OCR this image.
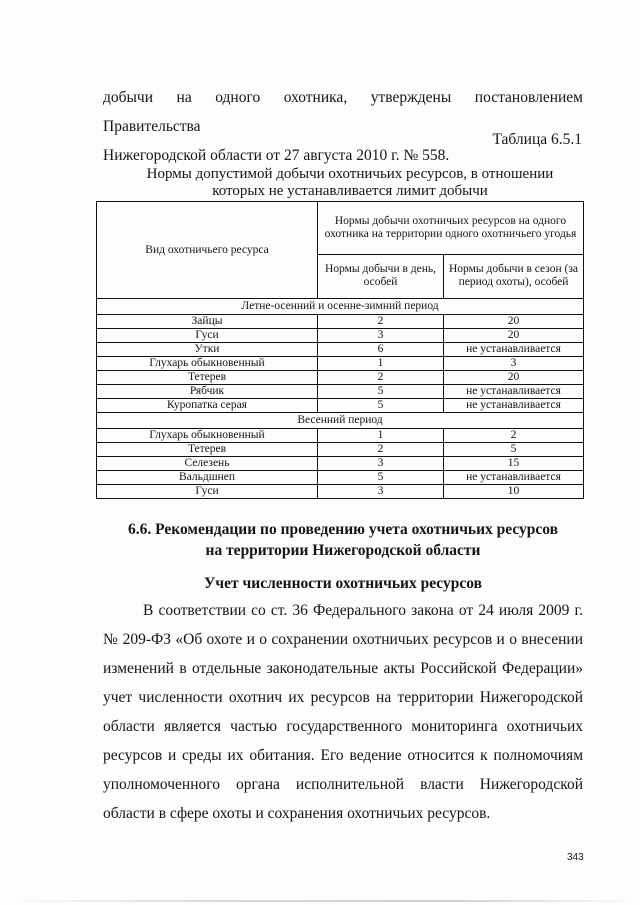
добычи на одного охотника, утверждены постановлением Правительства
Нижегородской области от 27 августа 2010 г. № 558.
Таблица 6.5.1
Нормы допустимой добычи охотничьих ресурсов, в отношении которых не устанавливается лимит добычи
Вид охотничьего ресурса	Нормы добычи охотничьих ресурсов на одного охотника на территории одного охотничьего угодья	
	Нормы добычи в день, особей	Нормы добычи в сезон (за период охоты), особей
Летне-осенний и осенне-зимний период		
Зайцы	2	20
Гуси	3	20
Утки	6	не устанавливается
Глухарь обыкновенный	1	3
Тетерев	2	20
Рябчик	5	не устанавливается
Куропатка серая	5	не устанавливается
Весенний период		
Глухарь обыкновенный	1	2
Тетерев	2	5
Селезень	3	15
Вальдшнеп	5	не устанавливается
Гуси	3	10
6.6. Рекомендации по проведению учета охотничьих ресурсов
на территории Нижегородской области
Учет численности охотничьих ресурсов
В соответствии со ст. 36 Федерального закона от 24 июля 2009 г. № 209-ФЗ «Об охоте и о сохранении охотничьих ресурсов и о внесении изменений в отдельные законодательные акты Российской Федерации» учет численности охотнич их ресурсов на территории Нижегородской области является частью государственного мониторинга охотничьих ресурсов и среды их обитания. Его ведение относится к полномочиям уполномоченного органа исполнительной власти Нижегородской области в сфере охоты и сохранения охотничьих ресурсов.
343
